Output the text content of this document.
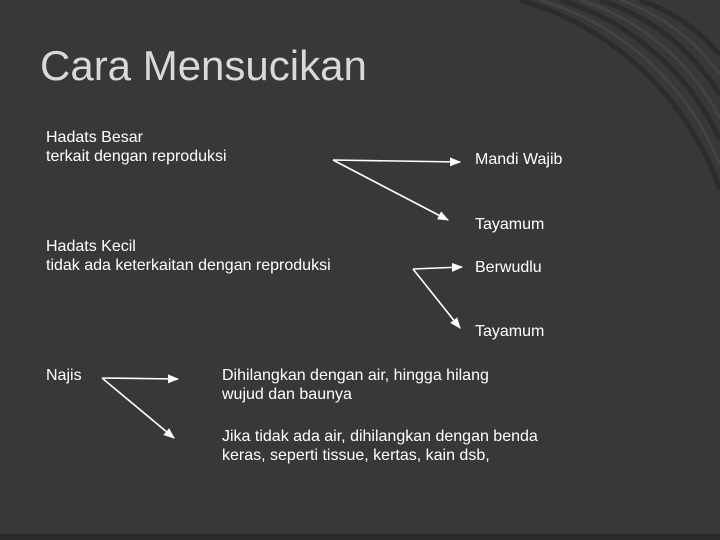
Cara Mensucikan
Hadats Besar
terkait dengan reproduksi	Mandi Wajib
Tayamum
Hadats Kecil
tidak ada keterkaitan dengan reproduksi	Berwudlu
Tayamum
Najis	Dihilangkan dengan air, hingga hilang
wujud dan baunya
Jika tidak ada air, dihilangkan dengan benda
keras, seperti tissue, kertas, kain dsb,
